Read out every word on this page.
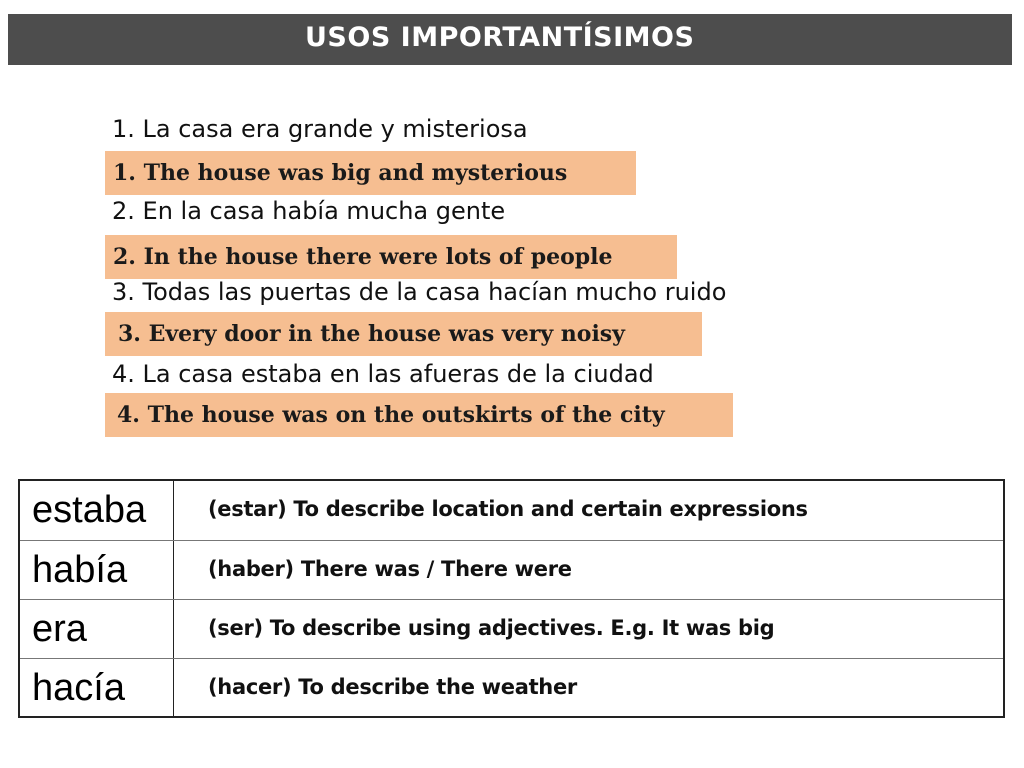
USOS IMPORTANTÍSIMOS
1. La casa era grande y misteriosa
1. The house was big and mysterious
2. En la casa había mucha gente
2. In the house there were lots of people
3. Todas las puertas de la casa hacían mucho ruido
3. Every door in the house was very noisy
4. La casa estaba en las afueras de la ciudad
4. The house was on the outskirts of the city
estaba	(estar) To describe location and certain expressions
había	(haber) There was / There were
era	(ser) To describe using adjectives. E.g. It was big
hacía	(hacer) To describe the weather
